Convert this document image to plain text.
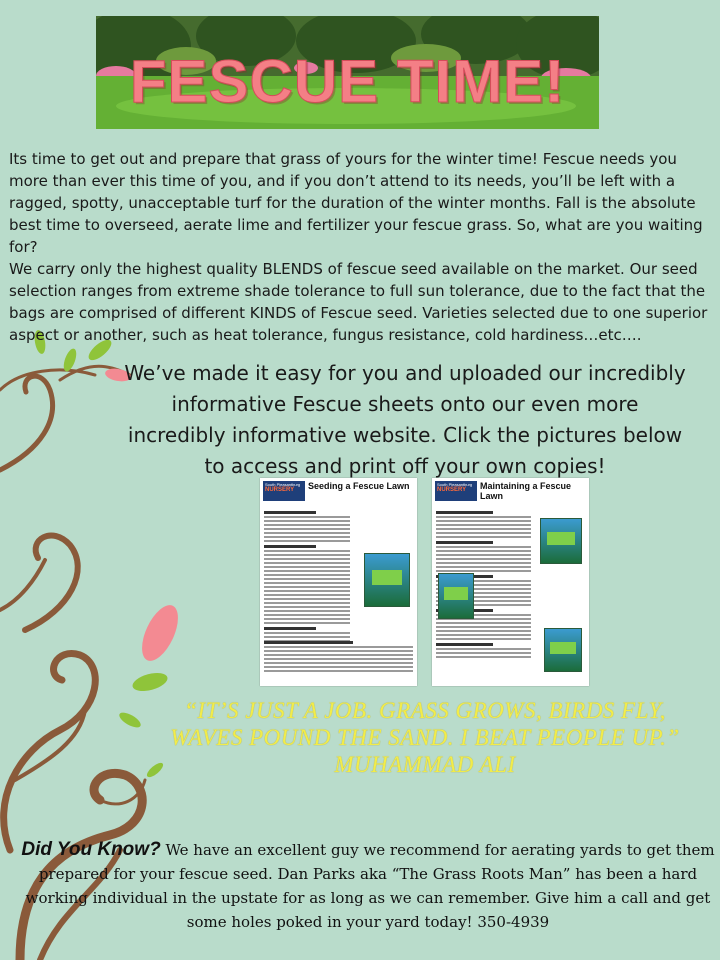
FESCUE TIME!

Its time to get out and prepare that grass of yours for the winter time! Fescue needs you more than ever this time of you, and if you don’t attend to its needs, you’ll be left with a ragged, spotty, unacceptable turf for the duration of the winter months. Fall is the absolute best time to overseed, aerate lime and fertilizer your fescue grass. So, what are you waiting for?

We carry only the highest quality BLENDS of fescue seed available on the market. Our seed selection ranges from extreme shade tolerance to full sun tolerance, due to the fact that the bags are comprised of different KINDS of Fescue seed. Varieties selected due to one superior aspect or another, such as heat tolerance, fungus resistance, cold hardiness…etc….

We’ve made it easy for you and uploaded our incredibly informative Fescue sheets onto our even more incredibly informative website. Click the pictures below to access and print off your own copies!
South Pleasantburg
NURSERY	Seeding a Fescue Lawn	South Pleasantburg
NURSERY	Maintaining a Fescue Lawn
“IT’S JUST A JOB. GRASS GROWS, BIRDS FLY, WAVES POUND THE SAND. I BEAT PEOPLE UP.”
MUHAMMAD ALI
Did You Know? We have an excellent guy we recommend for aerating yards to get them prepared for your fescue seed. Dan Parks aka “The Grass Roots Man” has been a hard working individual in the upstate for as long as we can remember. Give him a call and get some holes poked in your yard today! 350-4939
